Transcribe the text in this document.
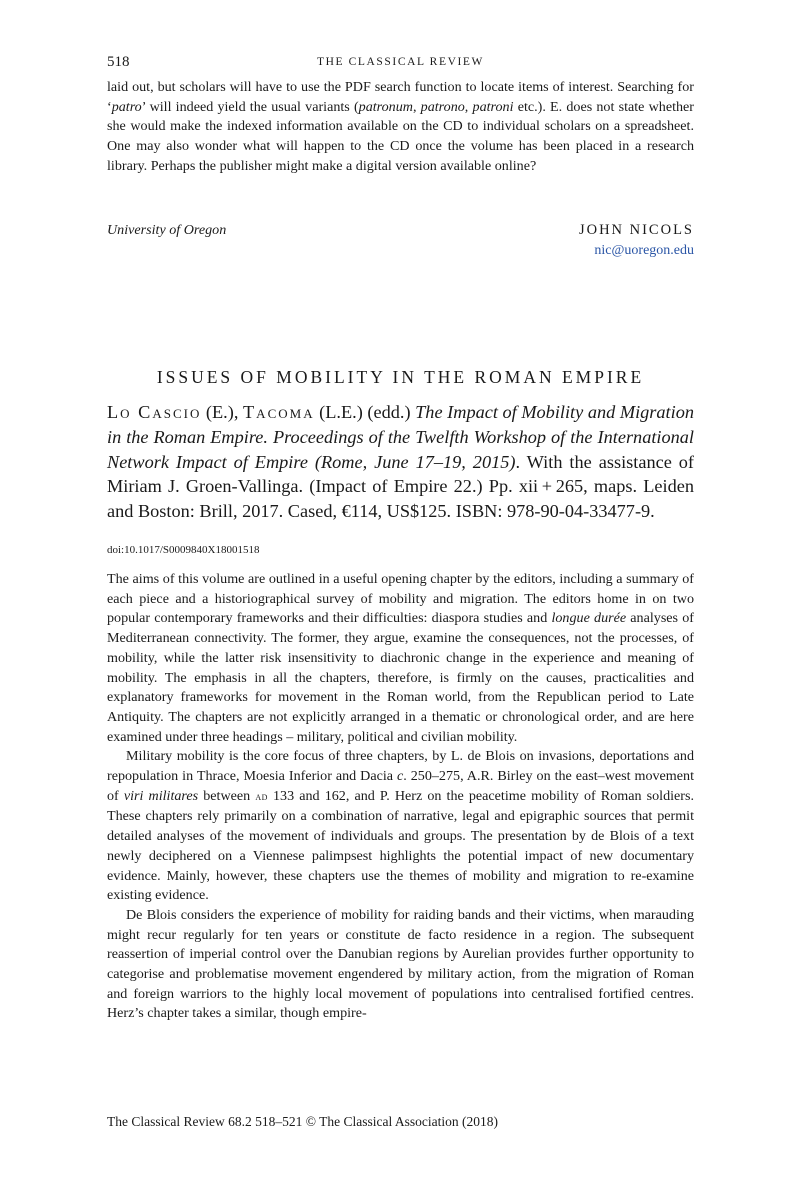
518	THE CLASSICAL REVIEW

laid out, but scholars will have to use the PDF search function to locate items of interest. Searching for ‘patro’ will indeed yield the usual variants (patronum, patrono, patroni etc.). E. does not state whether she would make the indexed information available on the CD to individual scholars on a spreadsheet. One may also wonder what will happen to the CD once the volume has been placed in a research library. Perhaps the publisher might make a digital version available online?

University of Oregon	JOHN NICOLS
nic@uoregon.edu
ISSUES OF MOBILITY IN THE ROMAN EMPIRE
Lo Cascio (E.), Tacoma (L.E.) (edd.) The Impact of Mobility and Migration in the Roman Empire. Proceedings of the Twelfth Workshop of the International Network Impact of Empire (Rome, June 17–19, 2015). With the assistance of Miriam J. Groen-Vallinga. (Impact of Empire 22.) Pp. xii + 265, maps. Leiden and Boston: Brill, 2017. Cased, €114, US$125. ISBN: 978-90-04-33477-9.
doi:10.1017/S0009840X18001518

The aims of this volume are outlined in a useful opening chapter by the editors, including a summary of each piece and a historiographical survey of mobility and migration. The editors home in on two popular contemporary frameworks and their difficulties: diaspora studies and longue durée analyses of Mediterranean connectivity. The former, they argue, examine the consequences, not the processes, of mobility, while the latter risk insensitivity to diachronic change in the experience and meaning of mobility. The emphasis in all the chapters, therefore, is firmly on the causes, practicalities and explanatory frameworks for movement in the Roman world, from the Republican period to Late Antiquity. The chapters are not explicitly arranged in a thematic or chronological order, and are here examined under three headings – military, political and civilian mobility.

Military mobility is the core focus of three chapters, by L. de Blois on invasions, deportations and repopulation in Thrace, Moesia Inferior and Dacia c. 250–275, A.R. Birley on the east–west movement of viri militares between ad 133 and 162, and P. Herz on the peacetime mobility of Roman soldiers. These chapters rely primarily on a combination of narrative, legal and epigraphic sources that permit detailed analyses of the movement of individuals and groups. The presentation by de Blois of a text newly deciphered on a Viennese palimpsest highlights the potential impact of new documentary evidence. Mainly, however, these chapters use the themes of mobility and migration to re-examine existing evidence.

De Blois considers the experience of mobility for raiding bands and their victims, when marauding might recur regularly for ten years or constitute de facto residence in a region. The subsequent reassertion of imperial control over the Danubian regions by Aurelian provides further opportunity to categorise and problematise movement engendered by military action, from the migration of Roman and foreign warriors to the highly local movement of populations into centralised fortified centres. Herz’s chapter takes a similar, though empire-

The Classical Review 68.2 518–521 © The Classical Association (2018)
